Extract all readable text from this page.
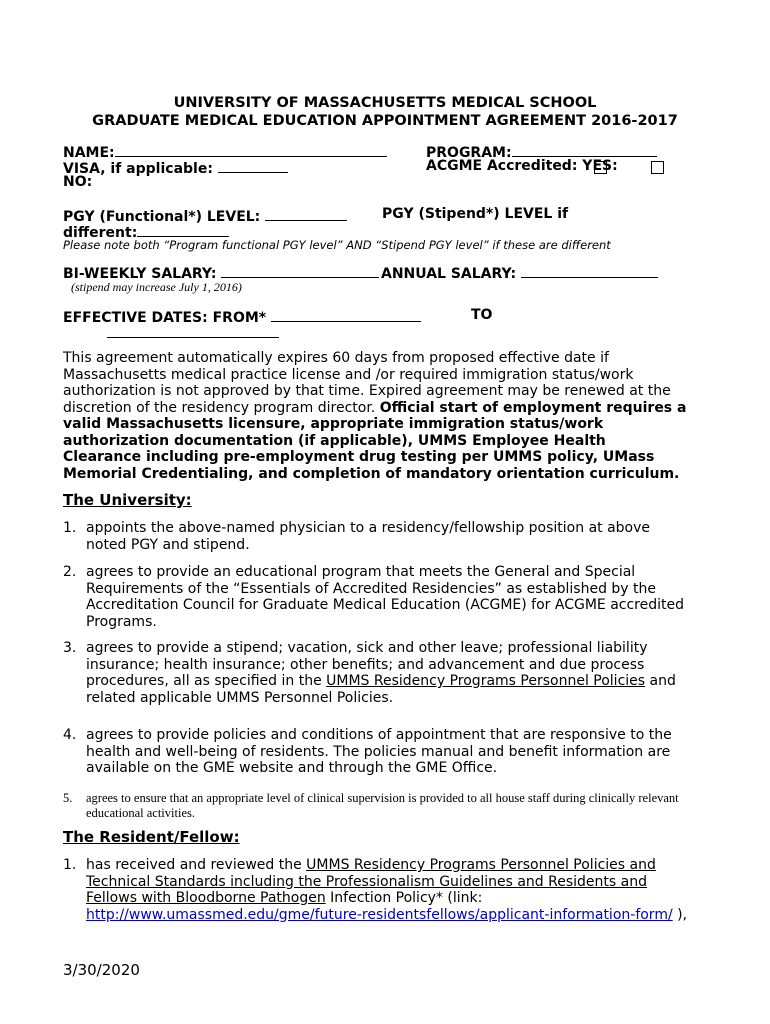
UNIVERSITY OF MASSACHUSETTS MEDICAL SCHOOL
GRADUATE MEDICAL EDUCATION APPOINTMENT AGREEMENT 2016-2017
NAME:	PROGRAM:
VISA, if applicable:	ACGME Accredited: YES:
NO:
PGY (Functional*) LEVEL:	PGY (Stipend*) LEVEL if
different:
Please note both “Program functional PGY level” AND “Stipend PGY level” if these are different
BI-WEEKLY SALARY:	ANNUAL SALARY:
(stipend may increase July 1, 2016)
EFFECTIVE DATES: FROM*	TO
This agreement automatically expires 60 days from proposed effective date if Massachusetts medical practice license and /or required immigration status/work authorization is not approved by that time. Expired agreement may be renewed at the discretion of the residency program director. Official start of employment requires a valid Massachusetts licensure, appropriate immigration status/work authorization documentation (if applicable), UMMS Employee Health Clearance including pre-employment drug testing per UMMS policy, UMass Memorial Credentialing, and completion of mandatory orientation curriculum.
The University:
1. appoints the above-named physician to a residency/fellowship position at above noted PGY and stipend.
2. agrees to provide an educational program that meets the General and Special Requirements of the “Essentials of Accredited Residencies” as established by the Accreditation Council for Graduate Medical Education (ACGME) for ACGME accredited Programs.
3. agrees to provide a stipend; vacation, sick and other leave; professional liability insurance; health insurance; other benefits; and advancement and due process procedures, all as specified in the UMMS Residency Programs Personnel Policies and related applicable UMMS Personnel Policies.
4. agrees to provide policies and conditions of appointment that are responsive to the health and well-being of residents. The policies manual and benefit information are available on the GME website and through the GME Office.
5. agrees to ensure that an appropriate level of clinical supervision is provided to all house staff during clinically relevant educational activities.
The Resident/Fellow:
1. has received and reviewed the UMMS Residency Programs Personnel Policies and Technical Standards including the Professionalism Guidelines and Residents and Fellows with Bloodborne Pathogen Infection Policy* (link: http://www.umassmed.edu/gme/future-residentsfellows/applicant-information-form/ ),
3/30/2020
